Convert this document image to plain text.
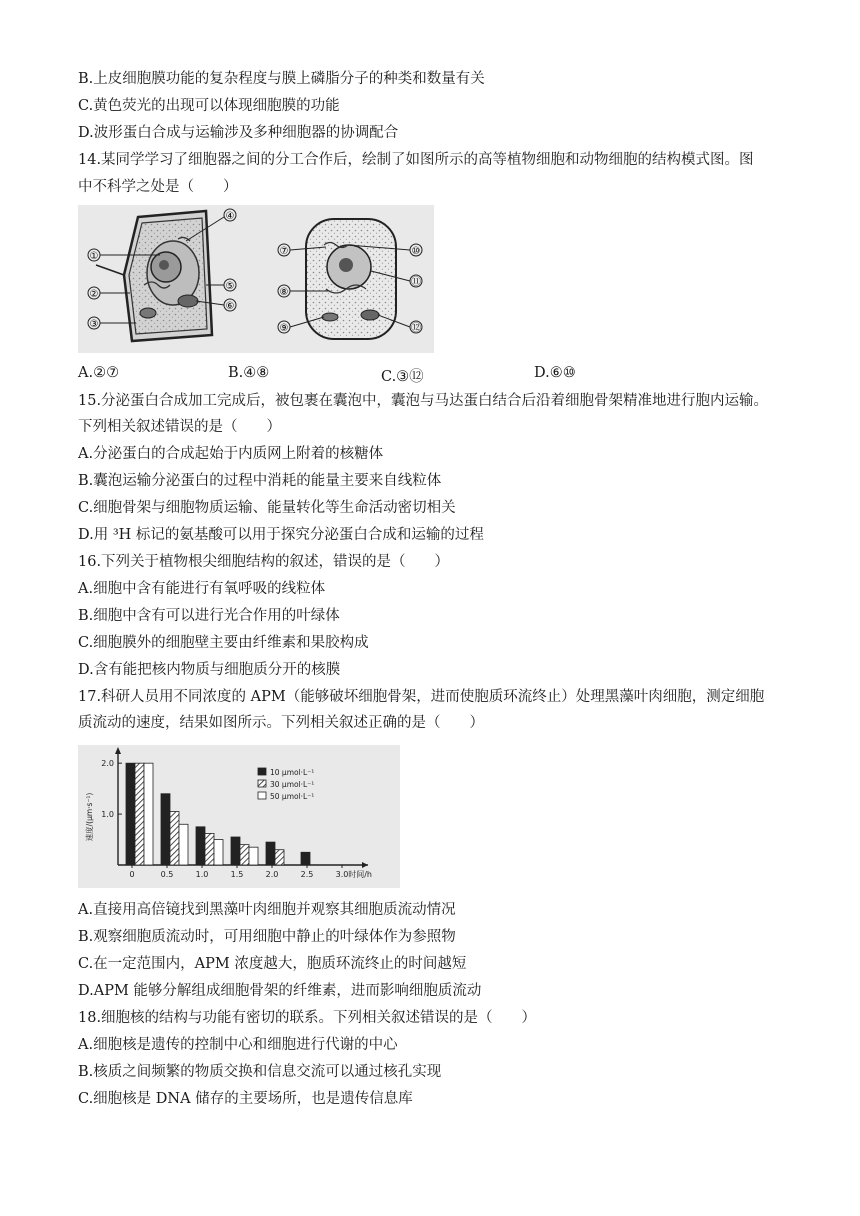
B.上皮细胞膜功能的复杂程度与膜上磷脂分子的种类和数量有关
C.黄色荧光的出现可以体现细胞膜的功能
D.波形蛋白合成与运输涉及多种细胞器的协调配合
14.某同学学习了细胞器之间的分工合作后，绘制了如图所示的高等植物细胞和动物细胞的结构模式图。图
中不科学之处是（　　）
①
②
③
④
⑤
⑥
⑦
⑧
⑨
⑩
⑪
⑫
A.②⑦	B.④⑧	C.③⑫	D.⑥⑩
15.分泌蛋白合成加工完成后，被包裹在囊泡中，囊泡与马达蛋白结合后沿着细胞骨架精准地进行胞内运输。
下列相关叙述错误的是（　　）
A.分泌蛋白的合成起始于内质网上附着的核糖体
B.囊泡运输分泌蛋白的过程中消耗的能量主要来自线粒体
C.细胞骨架与细胞物质运输、能量转化等生命活动密切相关
D.用 ³H 标记的氨基酸可以用于探究分泌蛋白合成和运输的过程
16.下列关于植物根尖细胞结构的叙述，错误的是（　　）
A.细胞中含有能进行有氧呼吸的线粒体
B.细胞中含有可以进行光合作用的叶绿体
C.细胞膜外的细胞壁主要由纤维素和果胶构成
D.含有能把核内物质与细胞质分开的核膜
17.科研人员用不同浓度的 APM（能够破坏细胞骨架，进而使胞质环流终止）处理黑藻叶肉细胞，测定细胞
质流动的速度，结果如图所示。下列相关叙述正确的是（　　）
1.0
2.0
0	0.5	1.0	1.5	2.0	2.5	3.0 时间/h
速度/(μm·s⁻¹)
10 μmol·L⁻¹
30 μmol·L⁻¹
50 μmol·L⁻¹
A.直接用高倍镜找到黑藻叶肉细胞并观察其细胞质流动情况
B.观察细胞质流动时，可用细胞中静止的叶绿体作为参照物
C.在一定范围内，APM 浓度越大，胞质环流终止的时间越短
D.APM 能够分解组成细胞骨架的纤维素，进而影响细胞质流动
18.细胞核的结构与功能有密切的联系。下列相关叙述错误的是（　　）
A.细胞核是遗传的控制中心和细胞进行代谢的中心
B.核质之间频繁的物质交换和信息交流可以通过核孔实现
C.细胞核是 DNA 储存的主要场所，也是遗传信息库
